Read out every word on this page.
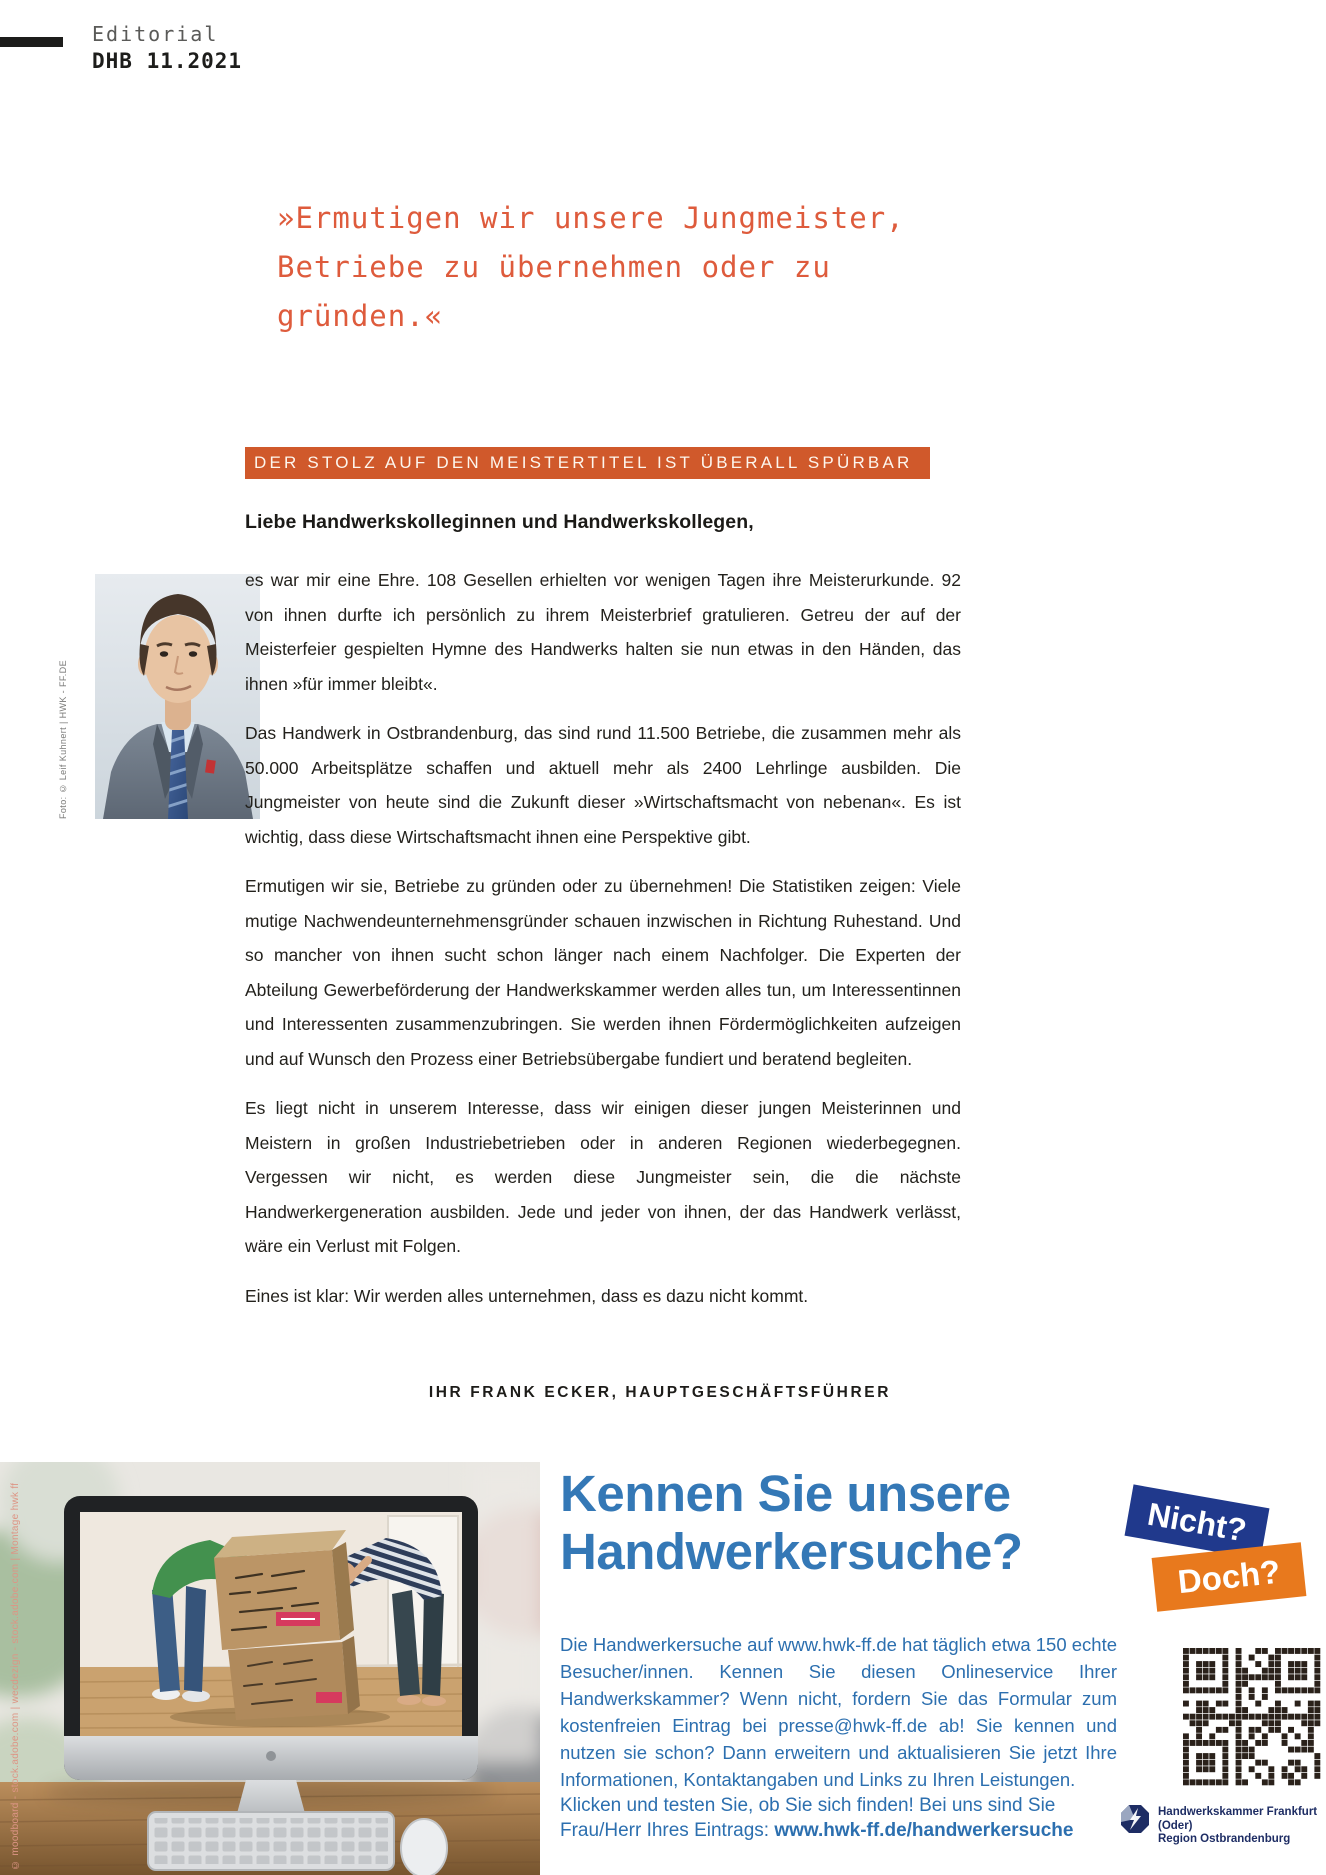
Editorial
DHB 11.2021
»Ermutigen wir unsere Jungmeister,
Betriebe zu übernehmen oder zu
gründen.«
DER STOLZ AUF DEN MEISTERTITEL IST ÜBERALL SPÜRBAR
Liebe Handwerkskolleginnen und Handwerkskollegen,
Foto: © Leif Kuhnert | HWK - FF.DE

es war mir eine Ehre. 108 Gesellen erhielten vor wenigen Tagen ihre Meisterurkunde. 92 von ihnen durfte ich persönlich zu ihrem Meisterbrief gratulieren. Getreu der auf der Meisterfeier gespielten Hymne des Handwerks halten sie nun etwas in den Händen, das ihnen »für immer bleibt«.

Das Handwerk in Ostbrandenburg, das sind rund 11.500 Betriebe, die zusammen mehr als 50.000 Arbeitsplätze schaffen und aktuell mehr als 2400 Lehrlinge ausbilden. Die Jungmeister von heute sind die Zukunft dieser »Wirtschaftsmacht von nebenan«. Es ist wichtig, dass diese Wirtschaftsmacht ihnen eine Perspektive gibt.

Ermutigen wir sie, Betriebe zu gründen oder zu übernehmen! Die Statistiken zeigen: Viele mutige Nachwendeunternehmensgründer schauen inzwischen in Richtung Ruhestand. Und so mancher von ihnen sucht schon länger nach einem Nachfolger. Die Experten der Abteilung Gewerbeförderung der Handwerkskammer werden alles tun, um Interessentinnen und Interessenten zusammenzubringen. Sie werden ihnen Fördermöglichkeiten aufzeigen und auf Wunsch den Prozess einer Betriebsübergabe fundiert und beratend begleiten.

Es liegt nicht in unserem Interesse, dass wir einigen dieser jungen Meisterinnen und Meistern in großen Industriebetrieben oder in anderen Regionen wiederbegegnen. Vergessen wir nicht, es werden diese Jungmeister sein, die die nächste Handwerkergeneration ausbilden. Jede und jeder von ihnen, der das Handwerk verlässt, wäre ein Verlust mit Folgen.

Eines ist klar: Wir werden alles unternehmen, dass es dazu nicht kommt.

IHR FRANK ECKER, HAUPTGESCHÄFTSFÜHRER
© moodboard - stock.adobe.com | wecdezign - stock.adobe.com | Montage hwk ff	Kennen Sie unsere
Handwerkersuche?
Nicht?
Doch?
Die Handwerkersuche auf www.hwk-ff.de hat täglich etwa 150 echte Besucher/innen. Kennen Sie diesen Onlineservice Ihrer Handwerkskammer? Wenn nicht, fordern Sie das Formular zum kostenfreien Eintrag bei presse@hwk-ff.de ab! Sie kennen und nutzen sie schon? Dann erweitern und aktualisieren Sie jetzt Ihre Informationen, Kontaktangaben und Links zu Ihren Leistungen.
Klicken und testen Sie, ob Sie sich finden! Bei uns sind Sie
Frau/Herr Ihres Eintrags: www.hwk-ff.de/handwerkersuche
Handwerkskammer Frankfurt (Oder)
Region Ostbrandenburg
